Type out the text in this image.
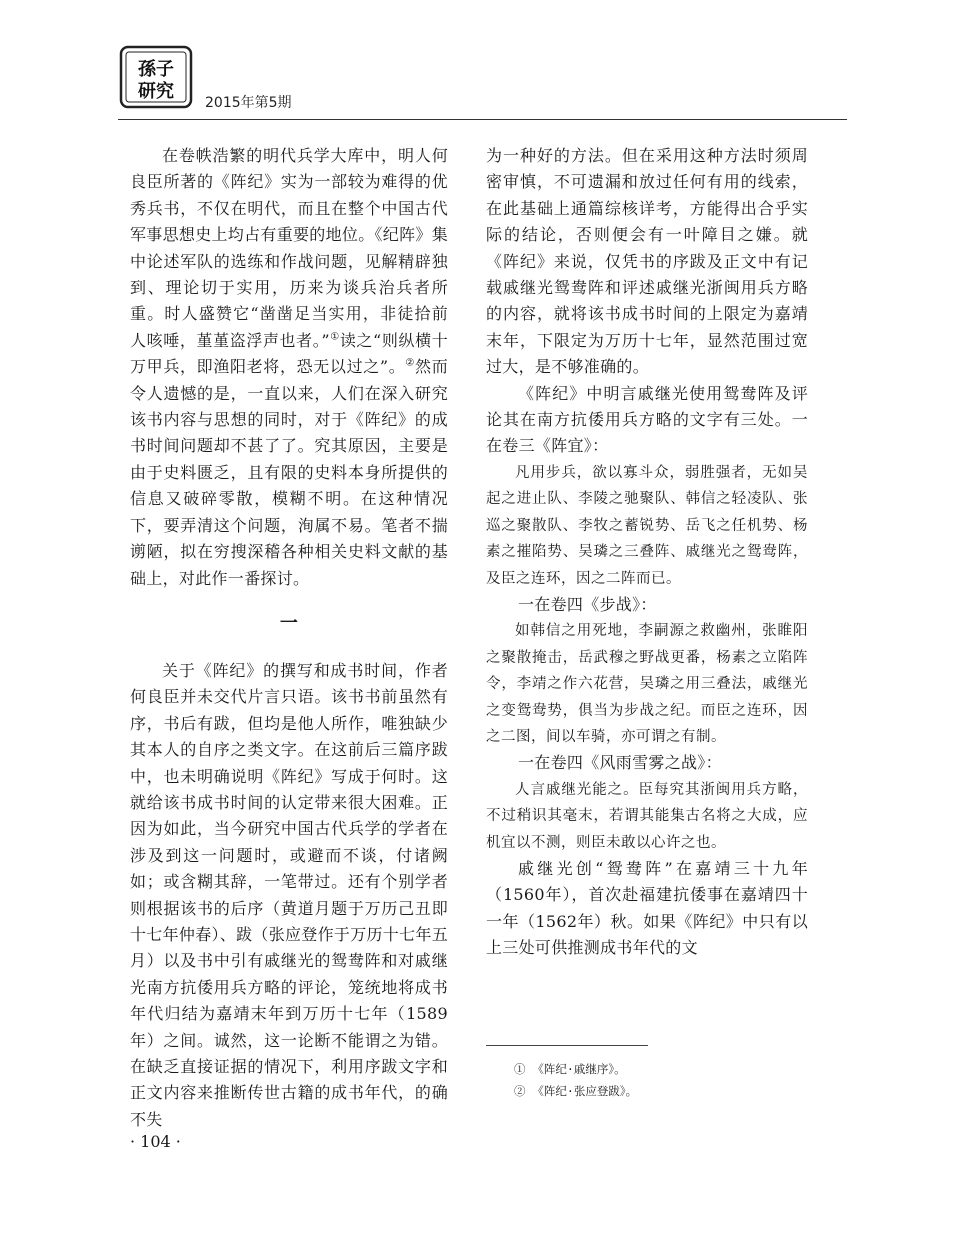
孫子
研究
2015年第5期

在卷帙浩繁的明代兵学大库中，明人何良臣所著的《阵纪》实为一部较为难得的优秀兵书，不仅在明代，而且在整个中国古代军事思想史上均占有重要的地位。《纪阵》集中论述军队的选练和作战问题，见解精辟独到、理论切于实用，历来为谈兵治兵者所重。时人盛赞它“凿凿足当实用，非徒拾前人咳唾，堇堇盗浮声也者。”①读之“则纵横十万甲兵，即渔阳老将，恐无以过之”。②然而令人遗憾的是，一直以来，人们在深入研究该书内容与思想的同时，对于《阵纪》的成书时间问题却不甚了了。究其原因，主要是由于史料匮乏，且有限的史料本身所提供的信息又破碎零散，模糊不明。在这种情况下，要弄清这个问题，洵属不易。笔者不揣谫陋，拟在穷搜深稽各种相关史料文献的基础上，对此作一番探讨。

一

关于《阵纪》的撰写和成书时间，作者何良臣并未交代片言只语。该书书前虽然有序，书后有跋，但均是他人所作，唯独缺少其本人的自序之类文字。在这前后三篇序跋中，也未明确说明《阵纪》写成于何时。这就给该书成书时间的认定带来很大困难。正因为如此，当今研究中国古代兵学的学者在涉及到这一问题时，或避而不谈，付诸阙如；或含糊其辞，一笔带过。还有个别学者则根据该书的后序（黄道月题于万历己丑即十七年仲春）、跋（张应登作于万历十七年五月）以及书中引有戚继光的鸳鸯阵和对戚继光南方抗倭用兵方略的评论，笼统地将成书年代归结为嘉靖末年到万历十七年（1589年）之间。诚然，这一论断不能谓之为错。在缺乏直接证据的情况下，利用序跋文字和正文内容来推断传世古籍的成书年代，的确不失

为一种好的方法。但在采用这种方法时须周密审慎，不可遗漏和放过任何有用的线索，在此基础上通篇综核详考，方能得出合乎实际的结论，否则便会有一叶障目之嫌。就《阵纪》来说，仅凭书的序跋及正文中有记载戚继光鸳鸯阵和评述戚继光浙闽用兵方略的内容，就将该书成书时间的上限定为嘉靖末年，下限定为万历十七年，显然范围过宽过大，是不够准确的。

《阵纪》中明言戚继光使用鸳鸯阵及评论其在南方抗倭用兵方略的文字有三处。一在卷三《阵宜》：

凡用步兵，欲以寡斗众，弱胜强者，无如吴起之进止队、李陵之驰聚队、韩信之轻凌队、张巡之聚散队、李牧之蓄锐势、岳飞之任机势、杨素之摧陷势、吴璘之三叠阵、戚继光之鸳鸯阵，及臣之连环，因之二阵而已。

一在卷四《步战》：

如韩信之用死地，李嗣源之救幽州，张睢阳之聚散掩击，岳武穆之野战更番，杨素之立陷阵令，李靖之作六花营，吴璘之用三叠法，戚继光之变鸳鸯势，俱当为步战之纪。而臣之连环，因之二图，间以车骑，亦可谓之有制。

一在卷四《风雨雪雾之战》：

人言戚继光能之。臣每究其浙闽用兵方略，不过稍识其毫末，若谓其能集古名将之大成，应机宜以不测，则臣未敢以心许之也。

戚继光创“鸳鸯阵”在嘉靖三十九年（1560年），首次赴福建抗倭事在嘉靖四十一年（1562年）秋。如果《阵纪》中只有以上三处可供推测成书年代的文

① 《阵纪·戚继序》。
② 《阵纪·张应登跋》。
· 104 ·
